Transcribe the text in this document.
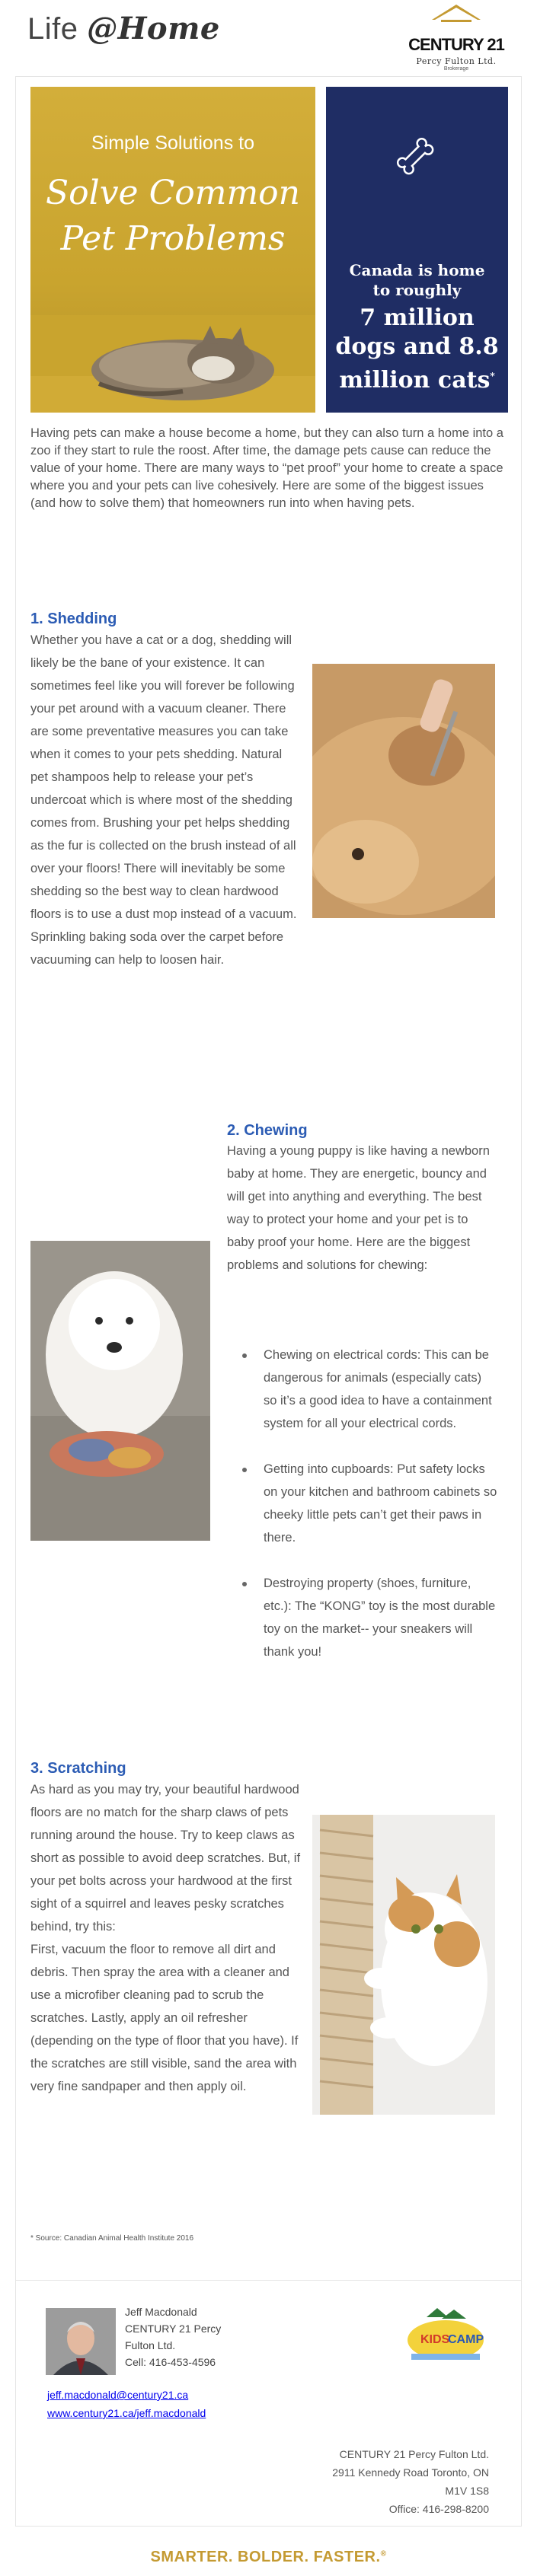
Life @Home	CENTURY 21
Percy Fulton Ltd.
Brokerage
Simple Solutions to
Solve Common
Pet Problems
Canada is home to roughly
7 million dogs and 8.8 million cats*

Having pets can make a house become a home, but they can also turn a home into a zoo if they start to rule the roost. After time, the damage pets cause can reduce the value of your home. There are many ways to “pet proof” your home to create a space where you and your pets can live cohesively. Here are some of the biggest issues (and how to solve them) that homeowners run into when having pets.

1. Shedding

Whether you have a cat or a dog, shedding will likely be the bane of your existence. It can sometimes feel like you will forever be following your pet around with a vacuum cleaner. There are some preventative measures you can take when it comes to your pets shedding. Natural pet shampoos help to release your pet’s undercoat which is where most of the shedding comes from. Brushing your pet helps shedding as the fur is collected on the brush instead of all over your floors! There will inevitably be some shedding so the best way to clean hardwood floors is to use a dust mop instead of a vacuum. Sprinkling baking soda over the carpet before vacuuming can help to loosen hair.

2. Chewing

Having a young puppy is like having a newborn baby at home. They are energetic, bouncy and will get into anything and everything. The best way to protect your home and your pet is to baby proof your home. Here are the biggest problems and solutions for chewing:

Chewing on electrical cords: This can be dangerous for animals (especially cats) so it’s a good idea to have a containment system for all your electrical cords.
Getting into cupboards: Put safety locks on your kitchen and bathroom cabinets so cheeky little pets can’t get their paws in there.
Destroying property (shoes, furniture, etc.): The “KONG” toy is the most durable toy on the market-- your sneakers will thank you!
3. Scratching

As hard as you may try, your beautiful hardwood floors are no match for the sharp claws of pets running around the house. Try to keep claws as short as possible to avoid deep scratches. But, if your pet bolts across your hardwood at the first sight of a squirrel and leaves pesky scratches behind, try this:

First, vacuum the floor to remove all dirt and debris. Then spray the area with a cleaner and use a microfiber cleaning pad to scrub the scratches. Lastly, apply an oil refresher (depending on the type of floor that you have). If the scratches are still visible, sand the area with very fine sandpaper and then apply oil.

* Source: Canadian Animal Health Institute 2016

Jeff Macdonald
CENTURY 21 Percy
Fulton Ltd.
Cell: 416-453-4596
KIDS
CAMP
jeff.macdonald@century21.ca
www.century21.ca/jeff.macdonald
CENTURY 21 Percy Fulton Ltd.
2911 Kennedy Road Toronto, ON
M1V 1S8
Office: 416-298-8200
SMARTER. BOLDER. FASTER.®
